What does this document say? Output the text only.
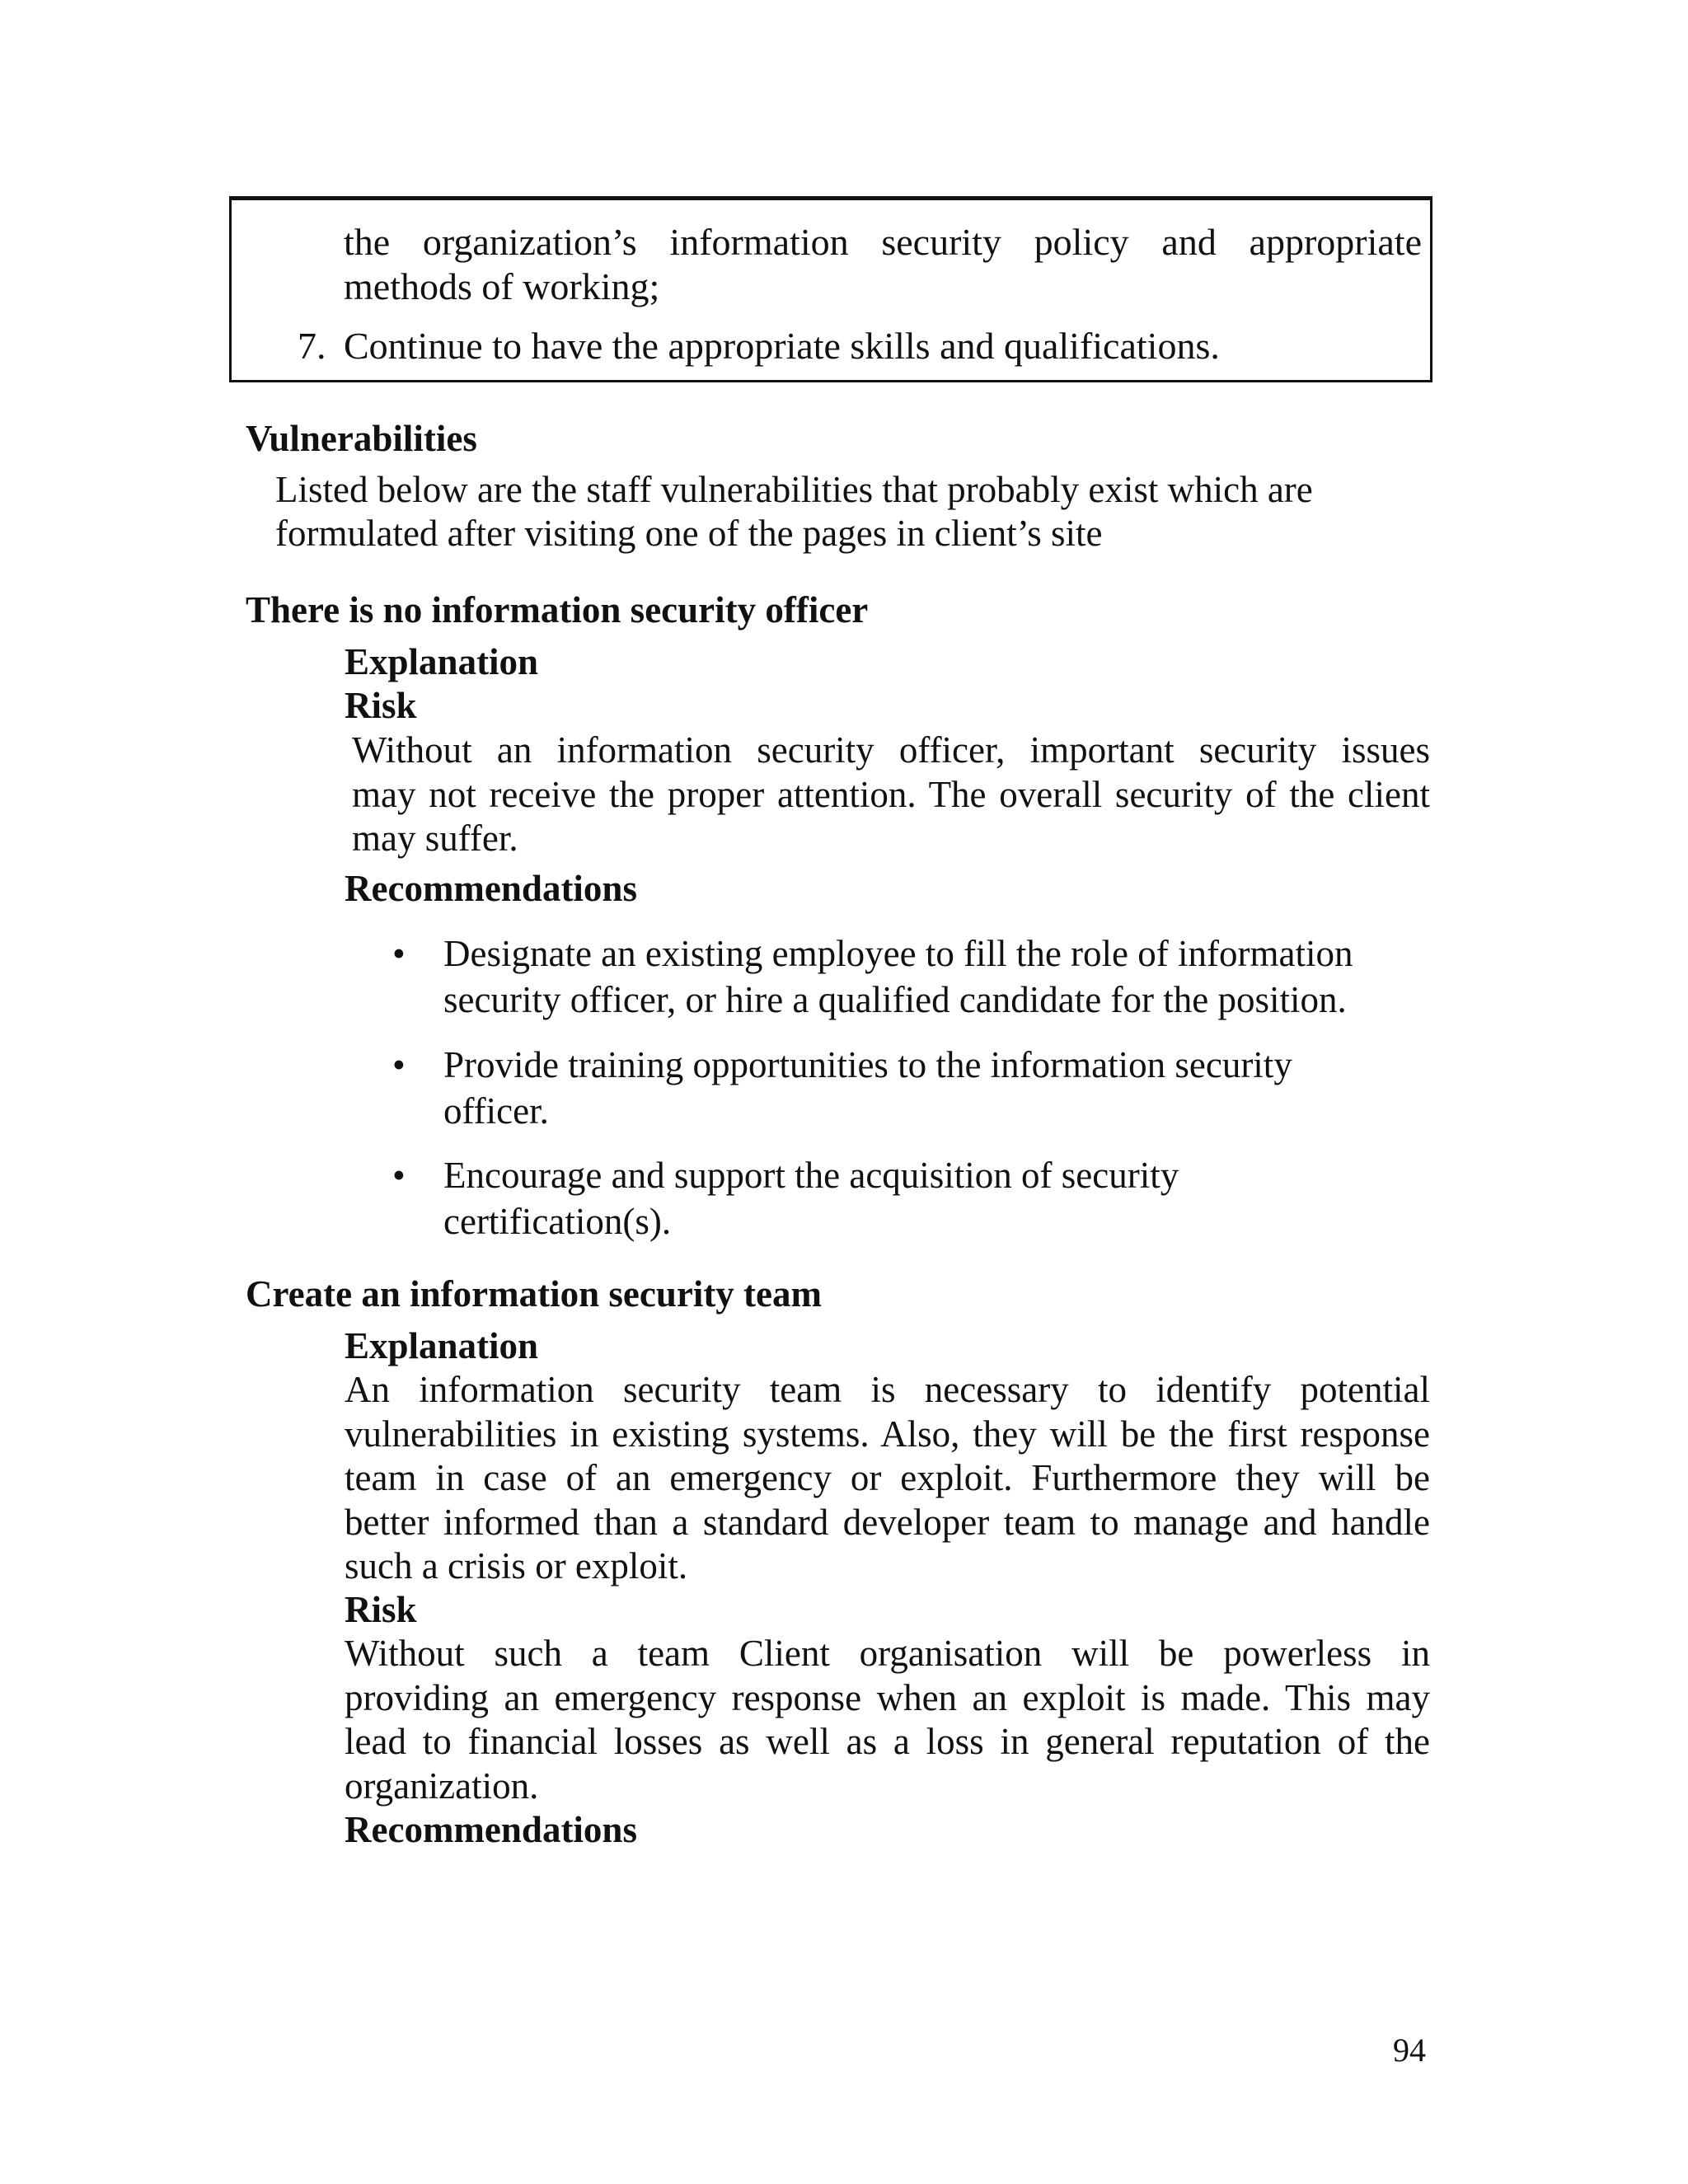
the organization’s information security policy and appropriate
methods of working;
7. Continue to have the appropriate skills and qualifications.
Vulnerabilities
Listed below are the staff vulnerabilities that probably exist which are
formulated after visiting one of the pages in client’s site
There is no information security officer
Explanation
Risk
Without an information security officer, important security issues
may not receive the proper attention. The overall security of the client
may suffer.
Recommendations
•	Designate an existing employee to fill the role of information
security officer, or hire a qualified candidate for the position.
•	Provide training opportunities to the information security
officer.
•	Encourage and support the acquisition of security
certification(s).
Create an information security team
Explanation
An information security team is necessary to identify potential
vulnerabilities in existing systems. Also, they will be the first response
team in case of an emergency or exploit. Furthermore they will be
better informed than a standard developer team to manage and handle
such a crisis or exploit.
Risk
Without such a team Client organisation will be powerless in
providing an emergency response when an exploit is made. This may
lead to financial losses as well as a loss in general reputation of the
organization.
Recommendations
94
